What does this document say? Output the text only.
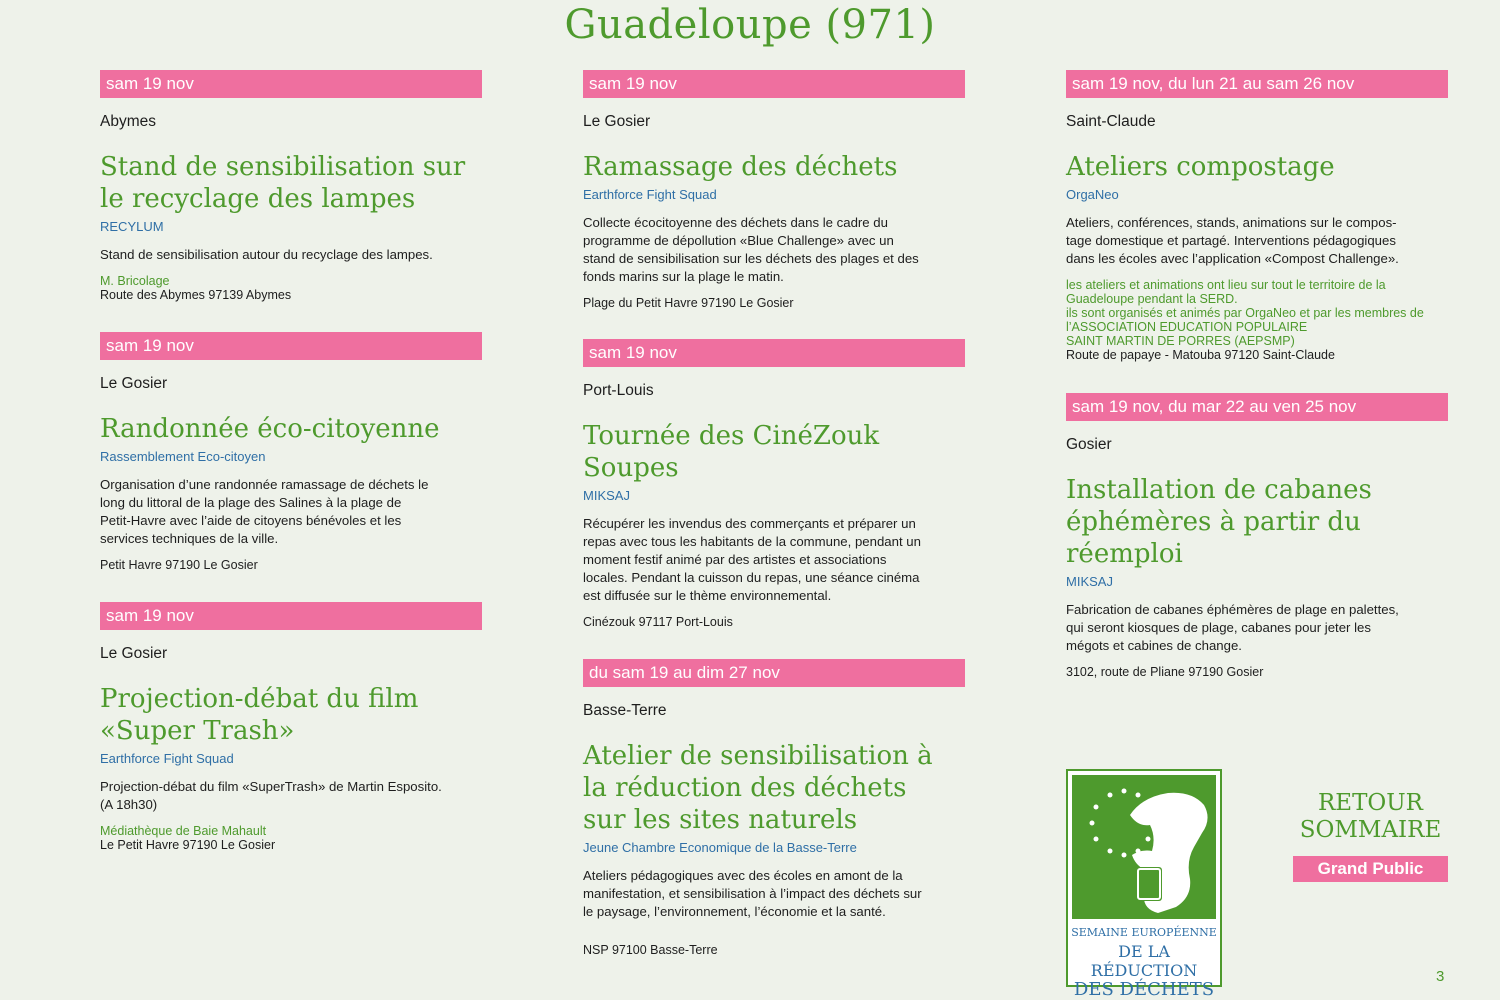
Guadeloupe (971)
sam 19 nov
Abymes
Stand de sensibilisation sur
le recyclage des lampes
RECYLUM
Stand de sensibilisation autour du recyclage des lampes.
M. Bricolage
Route des Abymes 97139 Abymes
sam 19 nov
Le Gosier
Randonnée éco-citoyenne
Rassemblement Eco-citoyen
Organisation d’une randonnée ramassage de déchets le
long du littoral de la plage des Salines à la plage de
Petit-Havre avec l’aide de citoyens bénévoles et les
services techniques de la ville.
Petit Havre 97190 Le Gosier
sam 19 nov
Le Gosier
Projection-débat du film
«Super Trash»
Earthforce Fight Squad
Projection-débat du film «SuperTrash» de Martin Esposito.
(A 18h30)
Médiathèque de Baie Mahault
Le Petit Havre 97190 Le Gosier
sam 19 nov
Le Gosier
Ramassage des déchets
Earthforce Fight Squad
Collecte écocitoyenne des déchets dans le cadre du
programme de dépollution «Blue Challenge» avec un
stand de sensibilisation sur les déchets des plages et des
fonds marins sur la plage le matin.
Plage du Petit Havre 97190 Le Gosier
sam 19 nov
Port-Louis
Tournée des CinéZouk
Soupes
MIKSAJ
Récupérer les invendus des commerçants et préparer un
repas avec tous les habitants de la commune, pendant un
moment festif animé par des artistes et associations
locales. Pendant la cuisson du repas, une séance cinéma
est diffusée sur le thème environnemental.
Cinézouk 97117 Port-Louis
du sam 19 au dim 27 nov
Basse-Terre
Atelier de sensibilisation à
la réduction des déchets
sur les sites naturels
Jeune Chambre Economique de la Basse-Terre
Ateliers pédagogiques avec des écoles en amont de la
manifestation, et sensibilisation à l’impact des déchets sur
le paysage, l’environnement, l’économie et la santé.
NSP 97100 Basse-Terre
sam 19 nov, du lun 21 au sam 26 nov
Saint-Claude
Ateliers compostage
OrgaNeo
Ateliers, conférences, stands, animations sur le compos-
tage domestique et partagé. Interventions pédagogiques
dans les écoles avec l’application «Compost Challenge».
les ateliers et animations ont lieu sur tout le territoire de la
Guadeloupe pendant la SERD.
ils sont organisés et animés par OrgaNeo et par les membres de
l’ASSOCIATION EDUCATION POPULAIRE
SAINT MARTIN DE PORRES (AEPSMP)
Route de papaye - Matouba 97120 Saint-Claude
sam 19 nov, du mar 22 au ven 25 nov
Gosier
Installation de cabanes
éphémères à partir du
réemploi
MIKSAJ
Fabrication de cabanes éphémères de plage en palettes,
qui seront kiosques de plage, cabanes pour jeter les
mégots et cabines de change.
3102, route de Pliane 97190 Gosier
SEMAINE EUROPÉENNE
DE LA RÉDUCTION
DES DÉCHETS
RETOUR
SOMMAIRE
Grand Public
3
